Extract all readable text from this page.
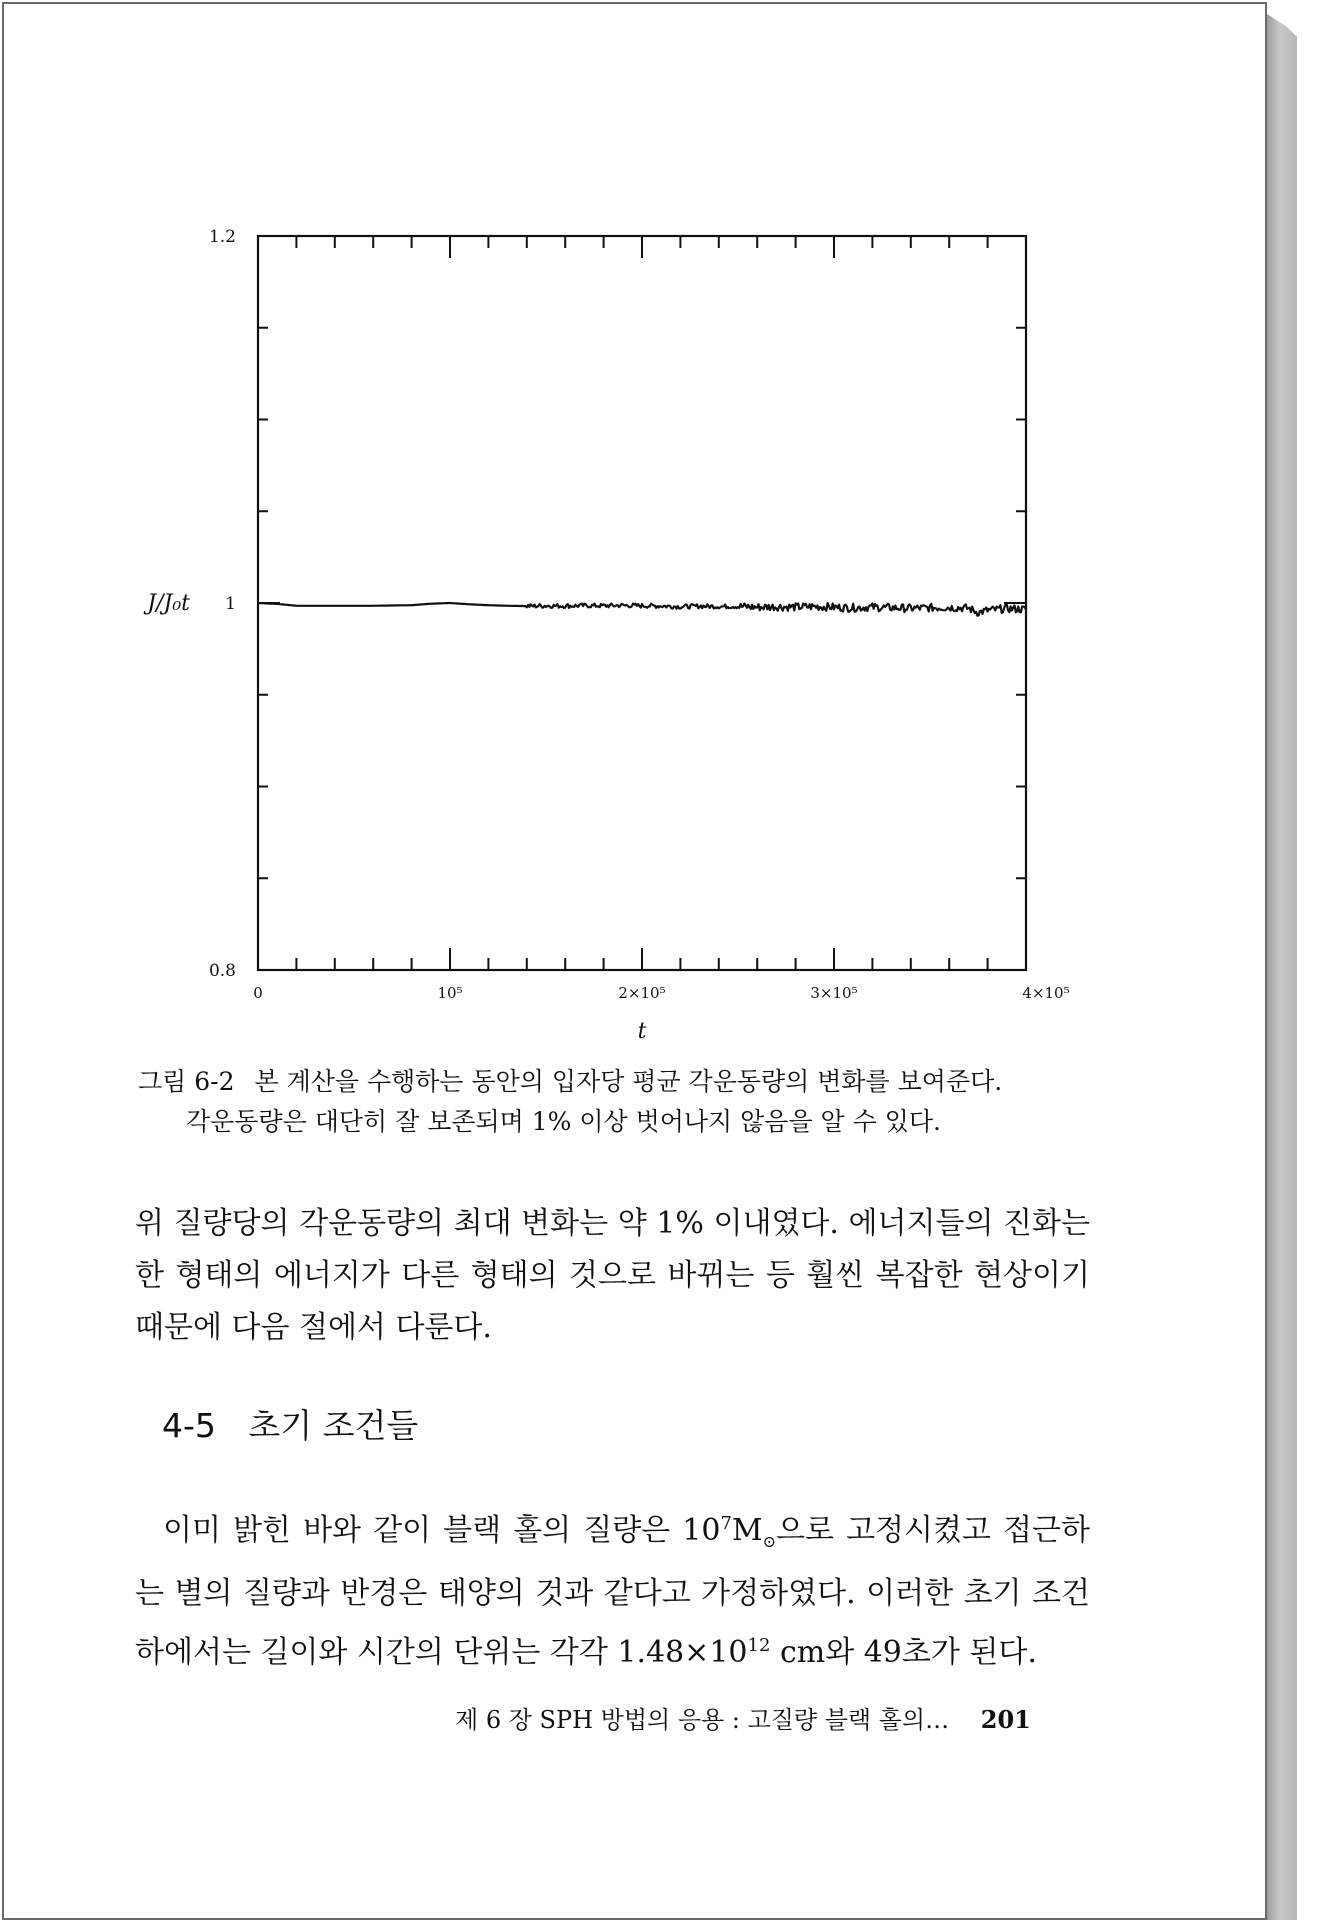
0	10⁵	2×10⁵	3×10⁵	4×10⁵
0.8
1
1.2
J/J₀t
t
그림 6-2 본 계산을 수행하는 동안의 입자당 평균 각운동량의 변화를 보여준다.
각운동량은 대단히 잘 보존되며 1% 이상 벗어나지 않음을 알 수 있다.
위 질량당의 각운동량의 최대 변화는 약 1% 이내였다. 에너지들의 진화는 한 형태의 에너지가 다른 형태의 것으로 바뀌는 등 훨씬 복잡한 현상이기 때문에 다음 절에서 다룬다.
4-5 초기 조건들
이미 밝힌 바와 같이 블랙 홀의 질량은 $10^7M_⊙$으로 고정시켰고 접근하는 별의 질량과 반경은 태양의 것과 같다고 가정하였다. 이러한 초기 조건 하에서는 길이와 시간의 단위는 각각 $1.48\times 10^{12}$ cm와 49초가 된다.
제 6 장 SPH 방법의 응용 : 고질량 블랙 홀의… 201
